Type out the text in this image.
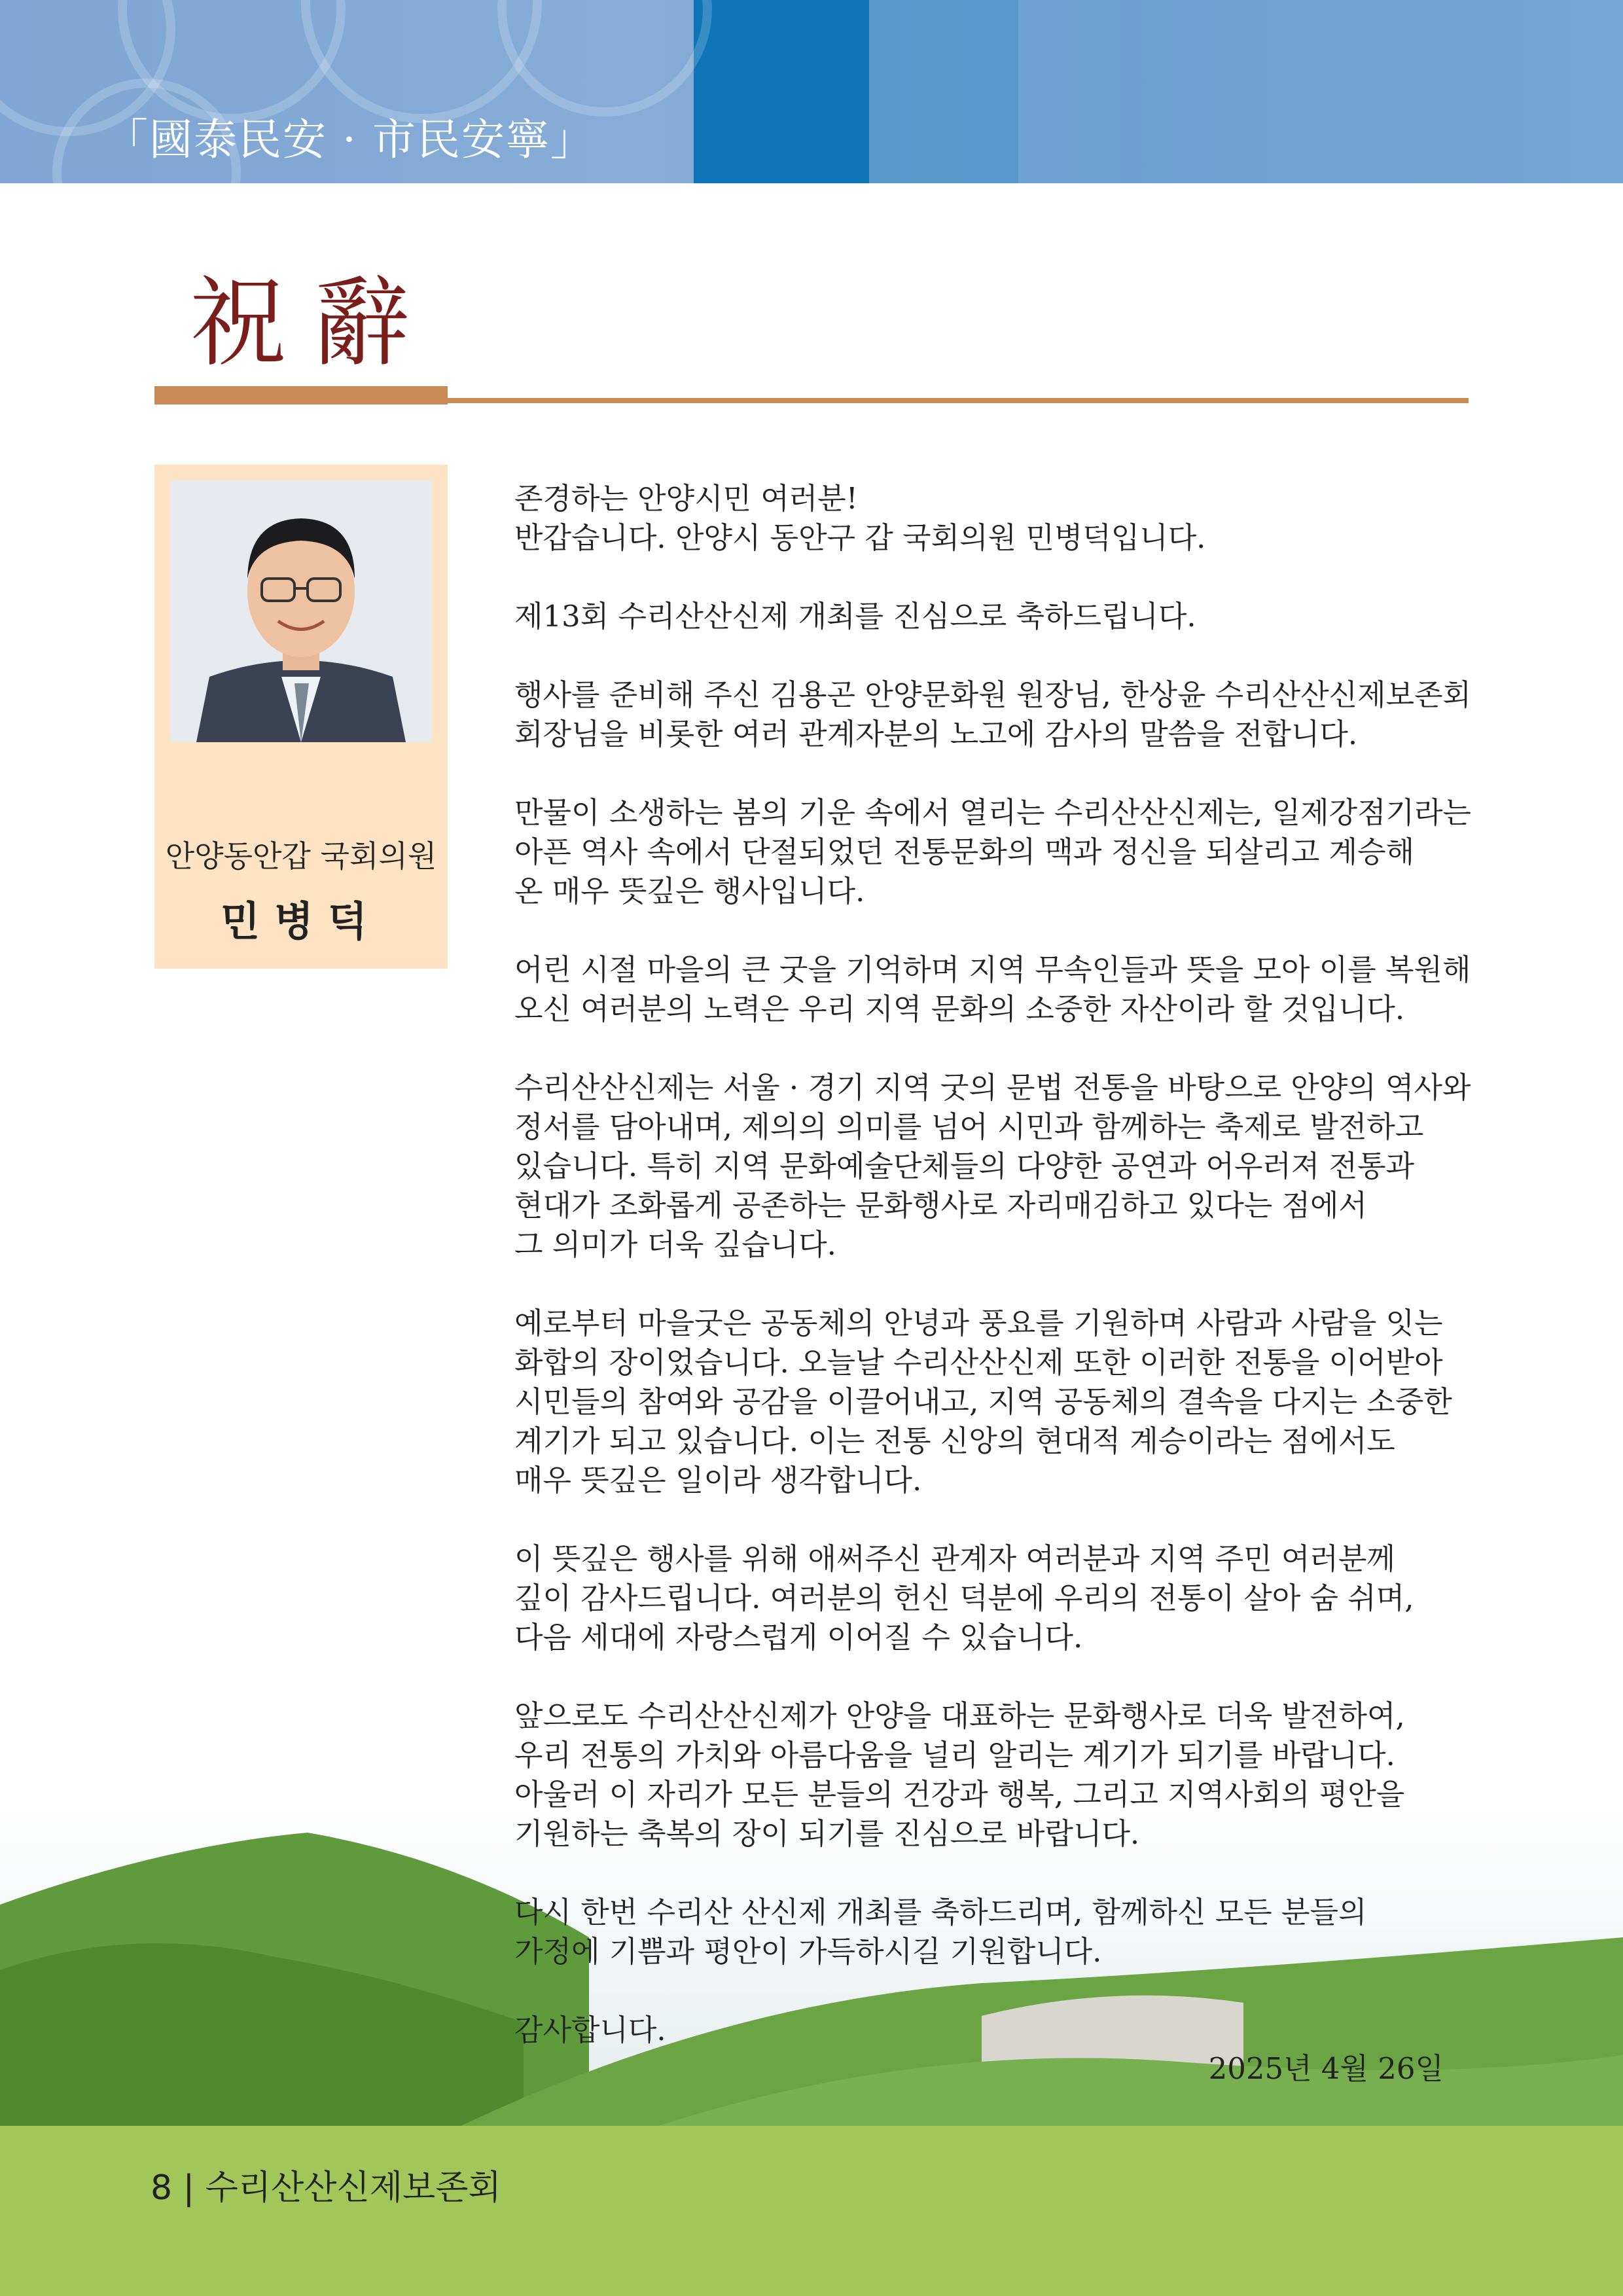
「國泰民安 · 市民安寧」
祝辭
안양동안갑 국회의원
민병덕

존경하는 안양시민 여러분!
반갑습니다. 안양시 동안구 갑 국회의원 민병덕입니다.

제13회 수리산산신제 개최를 진심으로 축하드립니다.

행사를 준비해 주신 김용곤 안양문화원 원장님, 한상윤 수리산산신제보존회
회장님을 비롯한 여러 관계자분의 노고에 감사의 말씀을 전합니다.

만물이 소생하는 봄의 기운 속에서 열리는 수리산산신제는, 일제강점기라는
아픈 역사 속에서 단절되었던 전통문화의 맥과 정신을 되살리고 계승해
온 매우 뜻깊은 행사입니다.

어린 시절 마을의 큰 굿을 기억하며 지역 무속인들과 뜻을 모아 이를 복원해
오신 여러분의 노력은 우리 지역 문화의 소중한 자산이라 할 것입니다.

수리산산신제는 서울 · 경기 지역 굿의 문법 전통을 바탕으로 안양의 역사와
정서를 담아내며, 제의의 의미를 넘어 시민과 함께하는 축제로 발전하고
있습니다. 특히 지역 문화예술단체들의 다양한 공연과 어우러져 전통과
현대가 조화롭게 공존하는 문화행사로 자리매김하고 있다는 점에서
그 의미가 더욱 깊습니다.

예로부터 마을굿은 공동체의 안녕과 풍요를 기원하며 사람과 사람을 잇는
화합의 장이었습니다. 오늘날 수리산산신제 또한 이러한 전통을 이어받아
시민들의 참여와 공감을 이끌어내고, 지역 공동체의 결속을 다지는 소중한
계기가 되고 있습니다. 이는 전통 신앙의 현대적 계승이라는 점에서도
매우 뜻깊은 일이라 생각합니다.

이 뜻깊은 행사를 위해 애써주신 관계자 여러분과 지역 주민 여러분께
깊이 감사드립니다. 여러분의 헌신 덕분에 우리의 전통이 살아 숨 쉬며,
다음 세대에 자랑스럽게 이어질 수 있습니다.

앞으로도 수리산산신제가 안양을 대표하는 문화행사로 더욱 발전하여,
우리 전통의 가치와 아름다움을 널리 알리는 계기가 되기를 바랍니다.
아울러 이 자리가 모든 분들의 건강과 행복, 그리고 지역사회의 평안을
기원하는 축복의 장이 되기를 진심으로 바랍니다.

다시 한번 수리산 산신제 개최를 축하드리며, 함께하신 모든 분들의
가정에 기쁨과 평안이 가득하시길 기원합니다.

감사합니다.

2025년 4월 26일
8 | 수리산산신제보존회
